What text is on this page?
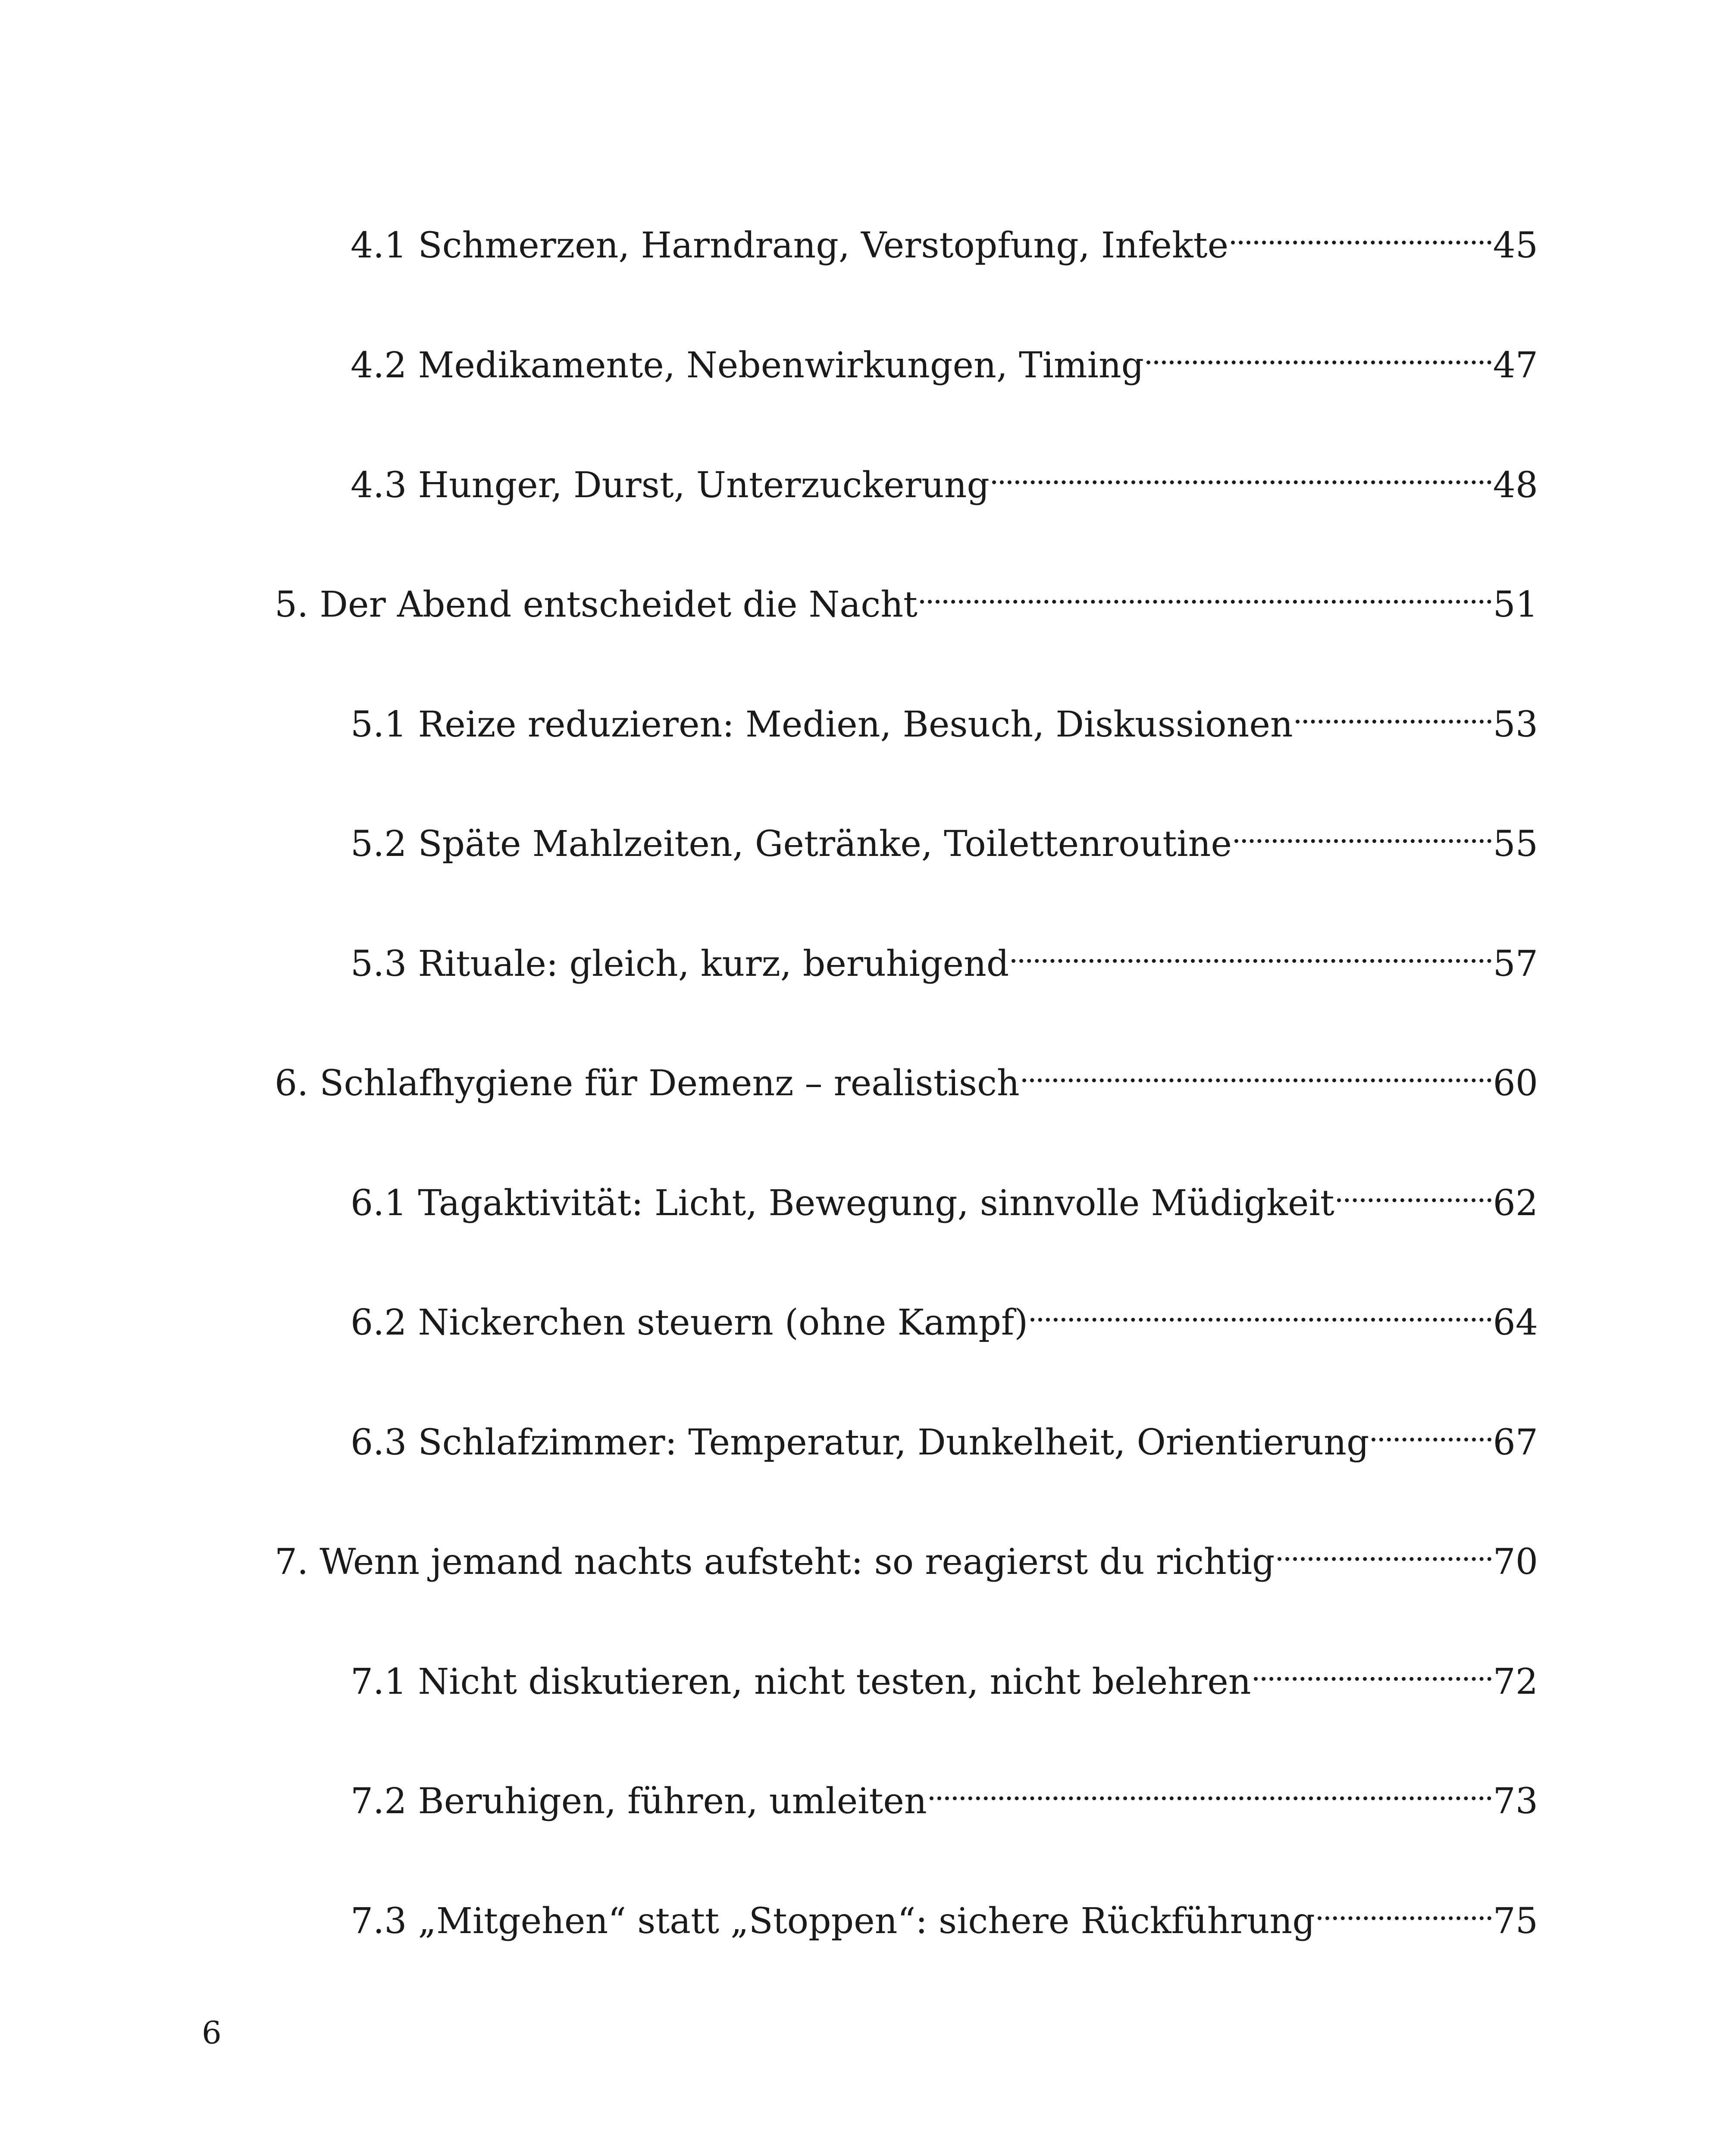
4.1 Schmerzen, Harndrang, Verstopfung, Infekte	45
4.2 Medikamente, Nebenwirkungen, Timing	47
4.3 Hunger, Durst, Unterzuckerung	48
5. Der Abend entscheidet die Nacht	51
5.1 Reize reduzieren: Medien, Besuch, Diskussionen	53
5.2 Späte Mahlzeiten, Getränke, Toilettenroutine	55
5.3 Rituale: gleich, kurz, beruhigend	57
6. Schlafhygiene für Demenz – realistisch	60
6.1 Tagaktivität: Licht, Bewegung, sinnvolle Müdigkeit	62
6.2 Nickerchen steuern (ohne Kampf)	64
6.3 Schlafzimmer: Temperatur, Dunkelheit, Orientierung	67
7. Wenn jemand nachts aufsteht: so reagierst du richtig	70
7.1 Nicht diskutieren, nicht testen, nicht belehren	72
7.2 Beruhigen, führen, umleiten	73
7.3 „Mitgehen“ statt „Stoppen“: sichere Rückführung	75
6
